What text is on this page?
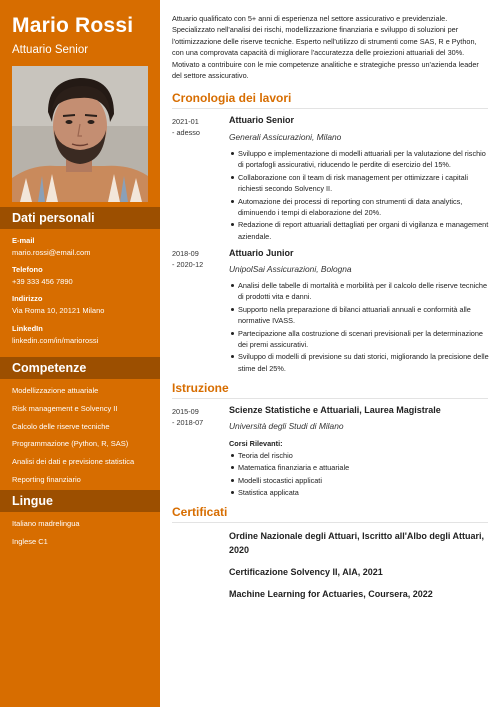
Mario Rossi
Attuario Senior
Dati personali
E-mail
mario.rossi@email.com
Telefono
+39 333 456 7890
Indirizzo
Via Roma 10, 20121 Milano
LinkedIn
linkedin.com/in/mariorossi
Competenze
Modellizzazione attuariale
Risk management e Solvency II
Calcolo delle riserve tecniche
Programmazione (Python, R, SAS)
Analisi dei dati e previsione statistica
Reporting finanziario
Lingue
Italiano madrelingua
Inglese C1

Attuario qualificato con 5+ anni di esperienza nel settore assicurativo e previdenziale. Specializzato nell'analisi dei rischi, modellizzazione finanziaria e sviluppo di soluzioni per l'ottimizzazione delle riserve tecniche. Esperto nell'utilizzo di strumenti come SAS, R e Python, con una comprovata capacità di migliorare l'accuratezza delle proiezioni attuariali del 30%. Motivato a contribuire con le mie competenze analitiche e strategiche presso un'azienda leader del settore assicurativo.

Cronologia dei lavori
2021-01
- adesso
Attuario Senior
Generali Assicurazioni, Milano
Sviluppo e implementazione di modelli attuariali per la valutazione del rischio di portafogli assicurativi, riducendo le perdite di esercizio del 15%.
Collaborazione con il team di risk management per ottimizzare i capitali richiesti secondo Solvency II.
Automazione dei processi di reporting con strumenti di data analytics, diminuendo i tempi di elaborazione del 20%.
Redazione di report attuariali dettagliati per organi di vigilanza e management aziendale.
2018-09
- 2020-12
Attuario Junior
UnipolSai Assicurazioni, Bologna
Analisi delle tabelle di mortalità e morbilità per il calcolo delle riserve tecniche di prodotti vita e danni.
Supporto nella preparazione di bilanci attuariali annuali e conformità alle normative IVASS.
Partecipazione alla costruzione di scenari previsionali per la determinazione dei premi assicurativi.
Sviluppo di modelli di previsione su dati storici, migliorando la precisione delle stime del 25%.
Istruzione
2015-09
- 2018-07
Scienze Statistiche e Attuariali, Laurea Magistrale
Università degli Studi di Milano
Corsi Rilevanti:
Teoria del rischio
Matematica finanziaria e attuariale
Modelli stocastici applicati
Statistica applicata
Certificati
Ordine Nazionale degli Attuari, Iscritto all'Albo degli Attuari, 2020
Certificazione Solvency II, AIA, 2021
Machine Learning for Actuaries, Coursera, 2022
